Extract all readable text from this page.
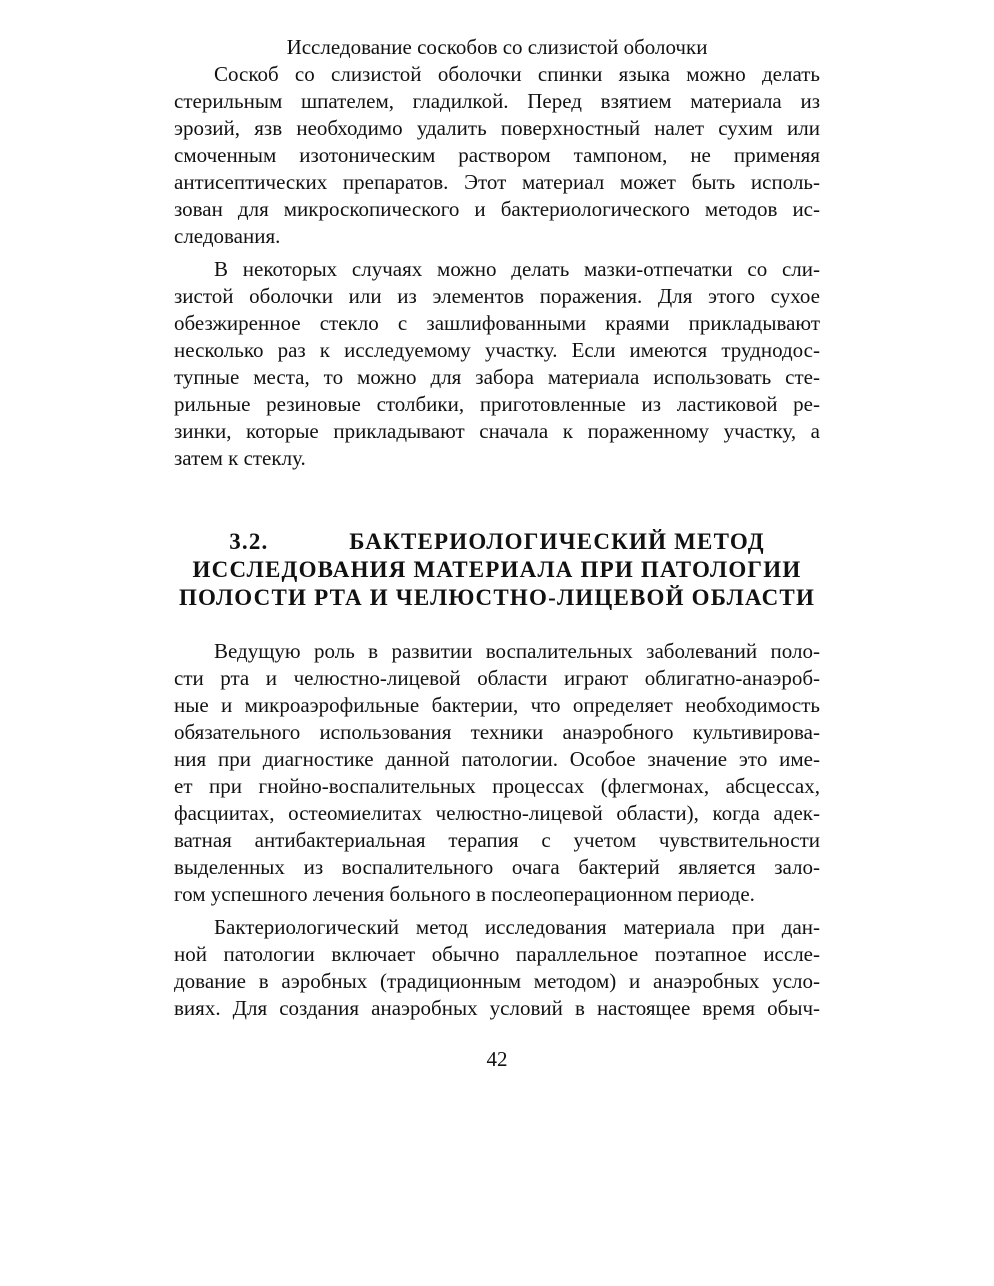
Исследование соскобов со слизистой оболочки
Соскоб со слизистой оболочки спинки языка можно делать
стерильным шпателем, гладилкой. Перед взятием материала из
эрозий, язв необходимо удалить поверхностный налет сухим или
смоченным изотоническим раствором тампоном, не применяя
антисептических препаратов. Этот материал может быть исполь-
зован для микроскопического и бактериологического методов ис-
следования.
В некоторых случаях можно делать мазки-отпечатки со сли-
зистой оболочки или из элементов поражения. Для этого сухое
обезжиренное стекло с зашлифованными краями прикладывают
несколько раз к исследуемому участку. Если имеются труднодос-
тупные места, то можно для забора материала использовать сте-
рильные резиновые столбики, приготовленные из ластиковой ре-
зинки, которые прикладывают сначала к пораженному участку, а
затем к стеклу.
3.2.	БАКТЕРИОЛОГИЧЕСКИЙ МЕТОД
ИССЛЕДОВАНИЯ МАТЕРИАЛА ПРИ ПАТОЛОГИИ
ПОЛОСТИ РТА И ЧЕЛЮСТНО-ЛИЦЕВОЙ ОБЛАСТИ
Ведущую роль в развитии воспалительных заболеваний поло-
сти рта и челюстно-лицевой области играют облигатно-анаэроб-
ные и микроаэрофильные бактерии, что определяет необходимость
обязательного использования техники анаэробного культивирова-
ния при диагностике данной патологии. Особое значение это име-
ет при гнойно-воспалительных процессах (флегмонах, абсцессах,
фасциитах, остеомиелитах челюстно-лицевой области), когда адек-
ватная антибактериальная терапия с учетом чувствительности
выделенных из воспалительного очага бактерий является зало-
гом успешного лечения больного в послеоперационном периоде.
Бактериологический метод исследования материала при дан-
ной патологии включает обычно параллельное поэтапное иссле-
дование в аэробных (традиционным методом) и анаэробных усло-
виях. Для создания анаэробных условий в настоящее время обыч-
42
